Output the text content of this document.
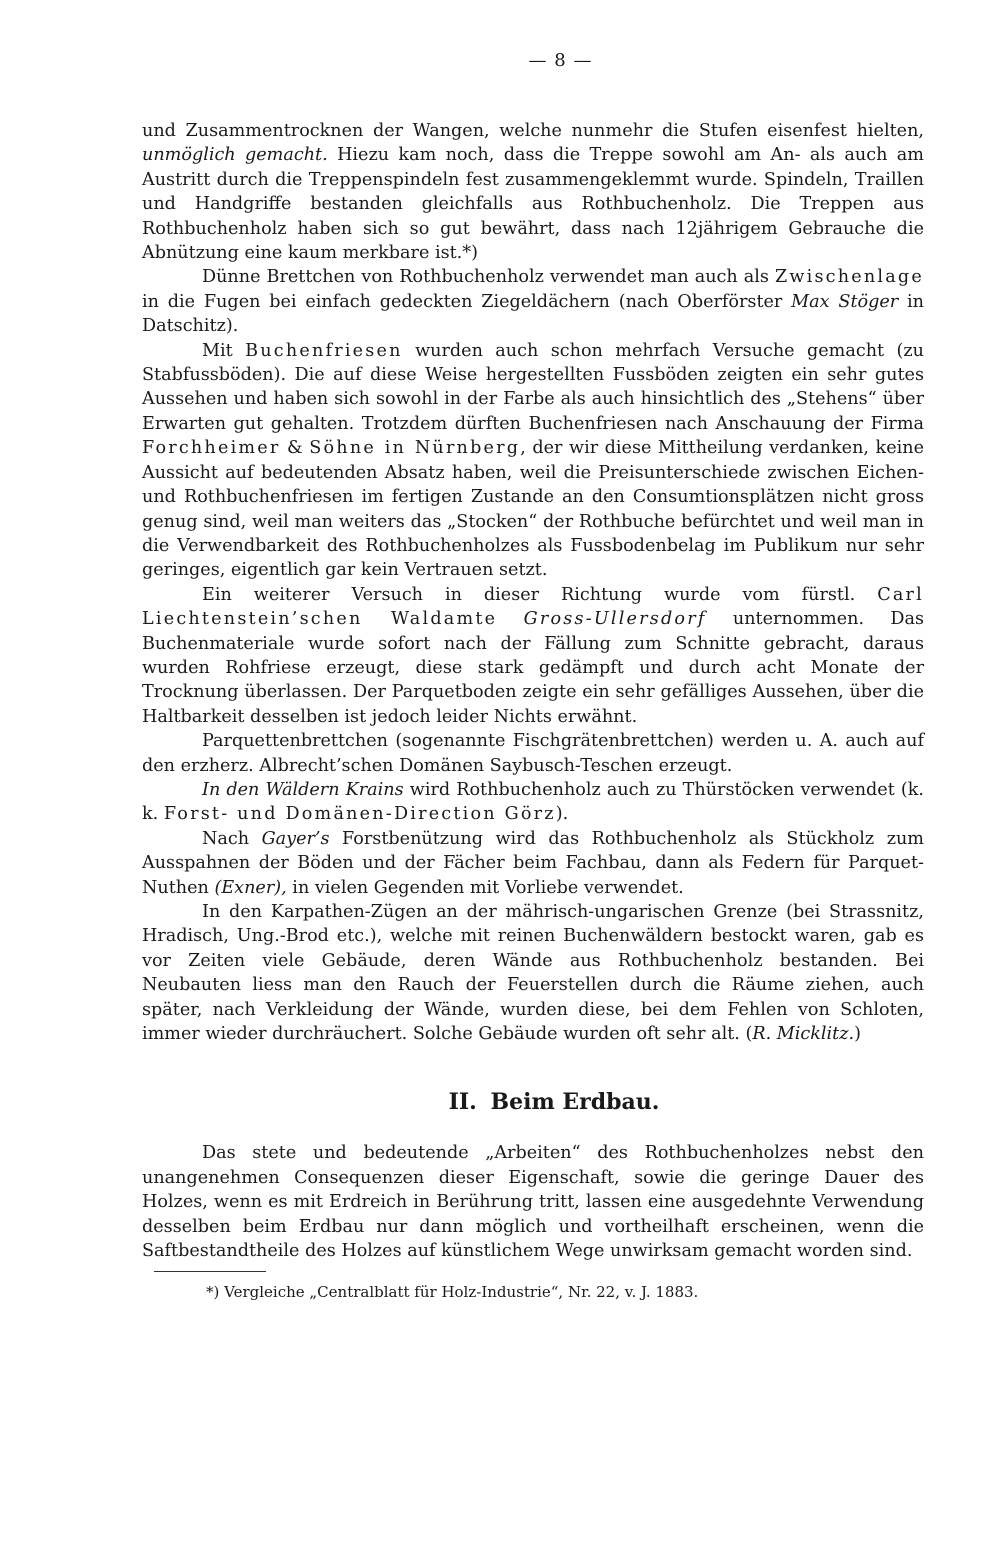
— 8 —

und Zusammentrocknen der Wangen, welche nunmehr die Stufen eisenfest hielten, unmöglich gemacht. Hiezu kam noch, dass die Treppe sowohl am An- als auch am Austritt durch die Treppenspindeln fest zusammengeklemmt wurde. Spindeln, Traillen und Handgriffe bestanden gleichfalls aus Rothbuchenholz. Die Treppen aus Rothbuchenholz haben sich so gut bewährt, dass nach 12jährigem Gebrauche die Abnützung eine kaum merkbare ist.*)

Dünne Brettchen von Rothbuchenholz verwendet man auch als Zwischenlage in die Fugen bei einfach gedeckten Ziegeldächern (nach Oberförster Max Stöger in Datschitz).

Mit Buchenfriesen wurden auch schon mehrfach Versuche gemacht (zu Stabfussböden). Die auf diese Weise hergestellten Fussböden zeigten ein sehr gutes Aussehen und haben sich sowohl in der Farbe als auch hinsichtlich des „Stehens“ über Erwarten gut gehalten. Trotzdem dürften Buchenfriesen nach Anschauung der Firma Forchheimer & Söhne in Nürnberg, der wir diese Mittheilung verdanken, keine Aussicht auf bedeutenden Absatz haben, weil die Preisunterschiede zwischen Eichen- und Rothbuchenfriesen im fertigen Zustande an den Consumtionsplätzen nicht gross genug sind, weil man weiters das „Stocken“ der Rothbuche befürchtet und weil man in die Verwendbarkeit des Rothbuchenholzes als Fussbodenbelag im Publikum nur sehr geringes, eigentlich gar kein Vertrauen setzt.

Ein weiterer Versuch in dieser Richtung wurde vom fürstl. Carl Liechtenstein’schen Waldamte Gross-Ullersdorf unternommen. Das Buchenmateriale wurde sofort nach der Fällung zum Schnitte gebracht, daraus wurden Rohfriese erzeugt, diese stark gedämpft und durch acht Monate der Trocknung überlassen. Der Parquetboden zeigte ein sehr gefälliges Aussehen, über die Haltbarkeit desselben ist jedoch leider Nichts erwähnt.

Parquettenbrettchen (sogenannte Fischgrätenbrettchen) werden u. A. auch auf den erzherz. Albrecht’schen Domänen Saybusch-Teschen erzeugt.

In den Wäldern Krains wird Rothbuchenholz auch zu Thürstöcken verwendet (k. k. Forst- und Domänen-Direction Görz).

Nach Gayer’s Forstbenützung wird das Rothbuchenholz als Stückholz zum Ausspahnen der Böden und der Fächer beim Fachbau, dann als Federn für Parquet-Nuthen (Exner), in vielen Gegenden mit Vorliebe verwendet.

In den Karpathen-Zügen an der mährisch-ungarischen Grenze (bei Strassnitz, Hradisch, Ung.-Brod etc.), welche mit reinen Buchenwäldern bestockt waren, gab es vor Zeiten viele Gebäude, deren Wände aus Rothbuchenholz bestanden. Bei Neubauten liess man den Rauch der Feuerstellen durch die Räume ziehen, auch später, nach Verkleidung der Wände, wurden diese, bei dem Fehlen von Schloten, immer wieder durchräuchert. Solche Gebäude wurden oft sehr alt. (R. Micklitz.)

II. Beim Erdbau.

Das stete und bedeutende „Arbeiten“ des Rothbuchenholzes nebst den unangenehmen Consequenzen dieser Eigenschaft, sowie die geringe Dauer des Holzes, wenn es mit Erdreich in Berührung tritt, lassen eine ausgedehnte Verwendung desselben beim Erdbau nur dann möglich und vortheilhaft erscheinen, wenn die Saftbestandtheile des Holzes auf künstlichem Wege unwirksam gemacht worden sind.

*) Vergleiche „Centralblatt für Holz-Industrie“, Nr. 22, v. J. 1883.
